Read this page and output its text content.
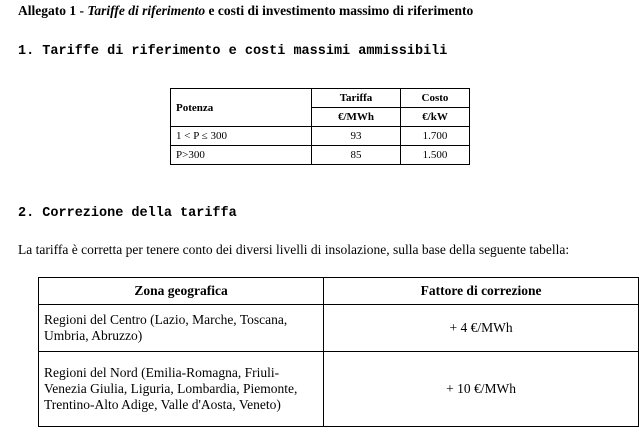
Allegato 1 - Tariffe di riferimento e costi di investimento massimo di riferimento
1. Tariffe di riferimento e costi massimi ammissibili
Potenza	Tariffa	Costo
	€/MWh	€/kW
1 < P ≤ 300	93	1.700
P>300	85	1.500
2. Correzione della tariffa
La tariffa è corretta per tenere conto dei diversi livelli di insolazione, sulla base della seguente tabella:
Zona geografica	Fattore di correzione
Regioni del Centro (Lazio, Marche, Toscana, Umbria, Abruzzo)	+ 4 €/MWh
Regioni del Nord (Emilia-Romagna, Friuli-Venezia Giulia, Liguria, Lombardia, Piemonte, Trentino-Alto Adige, Valle d'Aosta, Veneto)	+ 10 €/MWh
